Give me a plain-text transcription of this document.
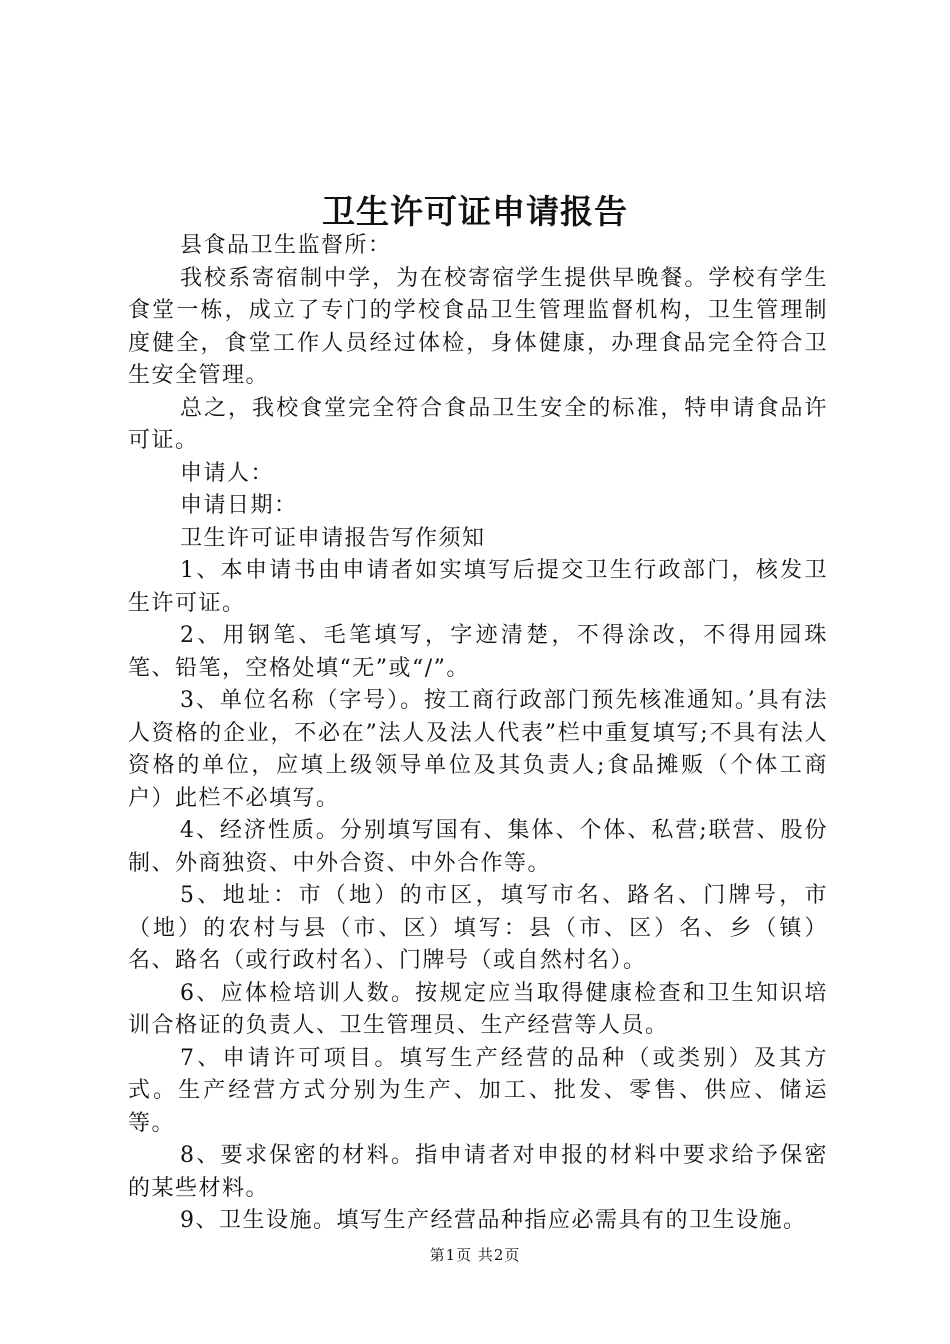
卫生许可证申请报告

县食品卫生监督所：

我校系寄宿制中学，为在校寄宿学生提供早晚餐。学校有学生食堂一栋，成立了专门的学校食品卫生管理监督机构，卫生管理制度健全，食堂工作人员经过体检，身体健康，办理食品完全符合卫生安全管理。

总之，我校食堂完全符合食品卫生安全的标准，特申请食品许可证。

申请人：

申请日期：

卫生许可证申请报告写作须知

1、本申请书由申请者如实填写后提交卫生行政部门，核发卫生许可证。

2、用钢笔、毛笔填写，字迹清楚，不得涂改，不得用园珠笔、铅笔，空格处填“无”或“/”。

3、单位名称（字号）。按工商行政部门预先核准通知。’具有法人资格的企业，不必在”法人及法人代表”栏中重复填写;不具有法人资格的单位，应填上级领导单位及其负责人;食品摊贩（个体工商户）此栏不必填写。

4、经济性质。分别填写国有、集体、个体、私营;联营、股份制、外商独资、中外合资、中外合作等。

5、地址：市（地）的市区，填写市名、路名、门牌号，市（地）的农村与县（市、区）填写：县（市、区）名、乡（镇）名、路名（或行政村名）、门牌号（或自然村名）。

6、应体检培训人数。按规定应当取得健康检查和卫生知识培训合格证的负责人、卫生管理员、生产经营等人员。

7、申请许可项目。填写生产经营的品种（或类别）及其方式。生产经营方式分别为生产、加工、批发、零售、供应、储运等。

8、要求保密的材料。指申请者对申报的材料中要求给予保密的某些材料。

9、卫生设施。填写生产经营品种指应必需具有的卫生设施。

第1页 共2页
